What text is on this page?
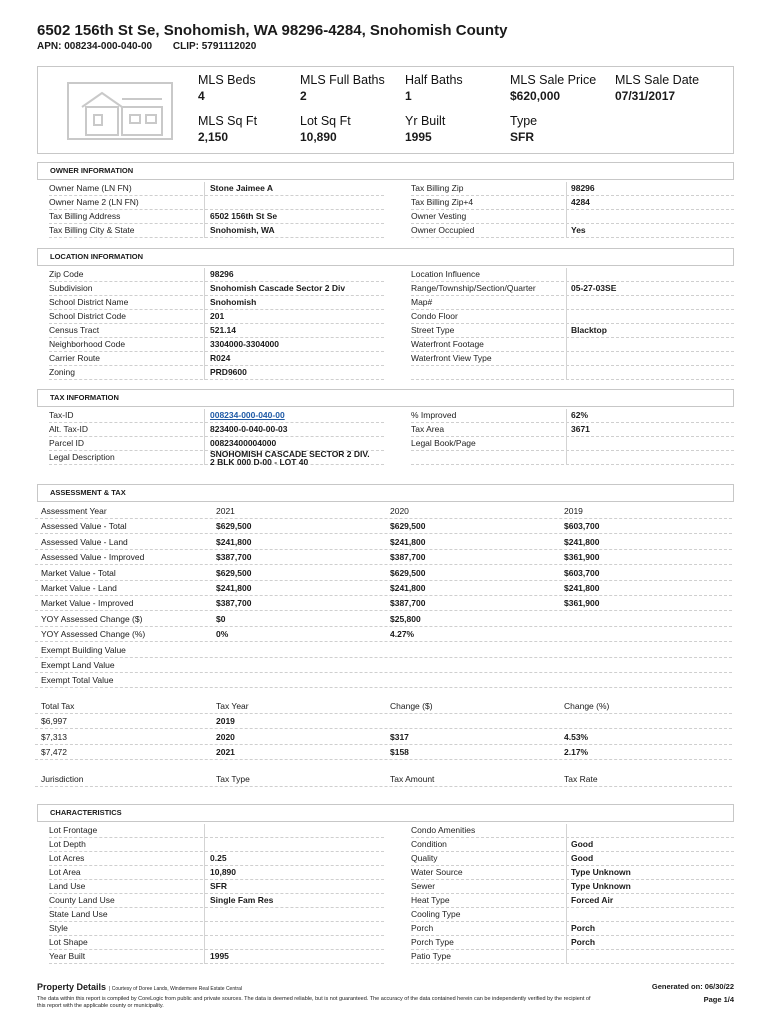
6502 156th St Se, Snohomish, WA 98296-4284, Snohomish County
APN: 008234-000-040-00 CLIP: 5791112020
MLS Beds
4
MLS Full Baths
2
Half Baths
1
MLS Sale Price
$620,000
MLS Sale Date
07/31/2017
MLS Sq Ft
2,150
Lot Sq Ft
10,890
Yr Built
1995
Type
SFR
OWNER INFORMATION
Owner Name (LN FN)	Stone Jaimee A
Owner Name 2 (LN FN)
Tax Billing Address	6502 156th St Se
Tax Billing City & State	Snohomish, WA
Tax Billing Zip	98296
Tax Billing Zip+4	4284
Owner Vesting
Owner Occupied	Yes
LOCATION INFORMATION
Zip Code	98296
Subdivision	Snohomish Cascade Sector 2 Div
School District Name	Snohomish
School District Code	201
Census Tract	521.14
Neighborhood Code	3304000-3304000
Carrier Route	R024
Zoning	PRD9600
Location Influence
Range/Township/Section/Quarter	05-27-03SE
Map#
Condo Floor
Street Type	Blacktop
Waterfront Footage
Waterfront View Type
TAX INFORMATION
Tax-ID	008234-000-040-00
Alt. Tax-ID	823400-0-040-00-03
Parcel ID	00823400004000
Legal Description	SNOHOMISH CASCADE SECTOR 2 DIV. 2 BLK 000 D-00 - LOT 40
% Improved	62%
Tax Area	3671
Legal Book/Page
ASSESSMENT & TAX
Assessment Year	2021	2020	2019
Assessed Value - Total	$629,500	$629,500	$603,700
Assessed Value - Land	$241,800	$241,800	$241,800
Assessed Value - Improved	$387,700	$387,700	$361,900
Market Value - Total	$629,500	$629,500	$603,700
Market Value - Land	$241,800	$241,800	$241,800
Market Value - Improved	$387,700	$387,700	$361,900
YOY Assessed Change ($)	$0	$25,800
YOY Assessed Change (%)	0%	4.27%
Exempt Building Value
Exempt Land Value
Exempt Total Value
Total Tax	Tax Year	Change ($)	Change (%)
$6,997	2019
$7,313	2020	$317	4.53%
$7,472	2021	$158	2.17%
Jurisdiction	Tax Type	Tax Amount	Tax Rate
CHARACTERISTICS
Lot Frontage
Lot Depth
Lot Acres	0.25
Lot Area	10,890
Land Use	SFR
County Land Use	Single Fam Res
State Land Use
Style
Lot Shape
Year Built	1995
Condo Amenities
Condition	Good
Quality	Good
Water Source	Type Unknown
Sewer	Type Unknown
Heat Type	Forced Air
Cooling Type
Porch	Porch
Porch Type	Porch
Patio Type
Property Details | Courtesy of Doree Lands, Windermere Real Estate Central	Generated on: 06/30/22
The data within this report is compiled by CoreLogic from public and private sources. The data is deemed reliable, but is not guaranteed. The accuracy of the data contained herein can be independently verified by the recipient of this report with the applicable county or municipality.
Page 1/4
